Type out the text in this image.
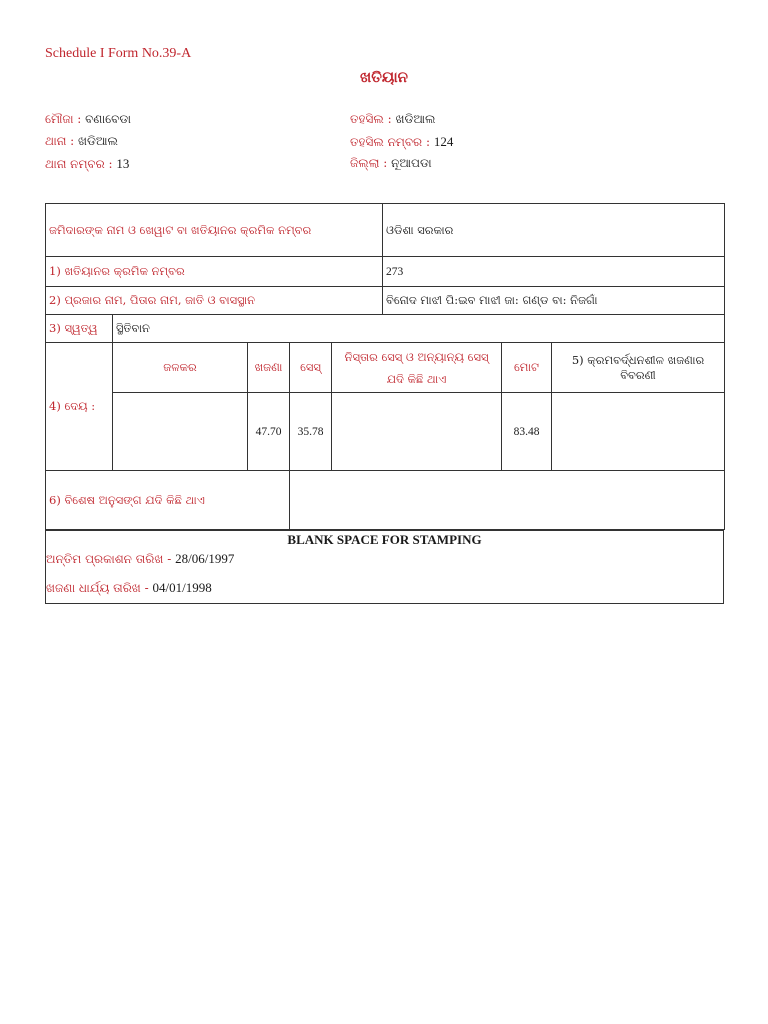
Schedule I Form No.39-A
ଖତିୟାନ
ମୌଜା : ବଣାବେଡା
ଥାନା : ଖଡିଆଲ
ଥାନା ନମ୍ବର : 13
ତହସିଲ : ଖଡିଆଲ
ତହସିଲ ନମ୍ବର : 124
ଜିଲ୍ଲା : ନୂଆପଡା
ଜମିଦାରଙ୍କ ନାମ ଓ ଖେୱାଟ ବା ଖତିୟାନର କ୍ରମିକ ନମ୍ବର					ଓଡିଶା ସରକାର		
1) ଖତିୟାନର କ୍ରମିକ ନମ୍ବର					273		
2) ପ୍ରଜାର ନାମ, ପିତାର ନାମ, ଜାତି ଓ ବାସସ୍ଥାନ					ବିନୋଦ ମାଝୀ ପି:ଇବ ମାଝୀ ଜା: ଗଣ୍ଡ ବା: ନିଜଗାଁ		
3) ସ୍ୱତ୍ୱ	ସ୍ଥିତିବାନ						
4) ଦେୟ :	ଜଳକର	ଖଜଣା	ସେସ୍	ନିସ୍ତାର ସେସ୍ ଓ ଅନ୍ୟାନ୍ୟ ସେସ୍ ଯଦି କିଛି ଥାଏ		ମୋଟ	5) କ୍ରମବର୍ଦ୍ଧନଶୀଳ ଖଜଣାର ବିବରଣୀ
		47.70	35.78			83.48	
6) ବିଶେଷ ଅନୁସଙ୍ଗ ଯଦି କିଛି ଥାଏ							
BLANK SPACE FOR STAMPING
ଅନ୍ତିମ ପ୍ରକାଶନ ତାରିଖ - 28/06/1997
ଖଜଣା ଧାର୍ଯ୍ୟ ତାରିଖ - 04/01/1998
